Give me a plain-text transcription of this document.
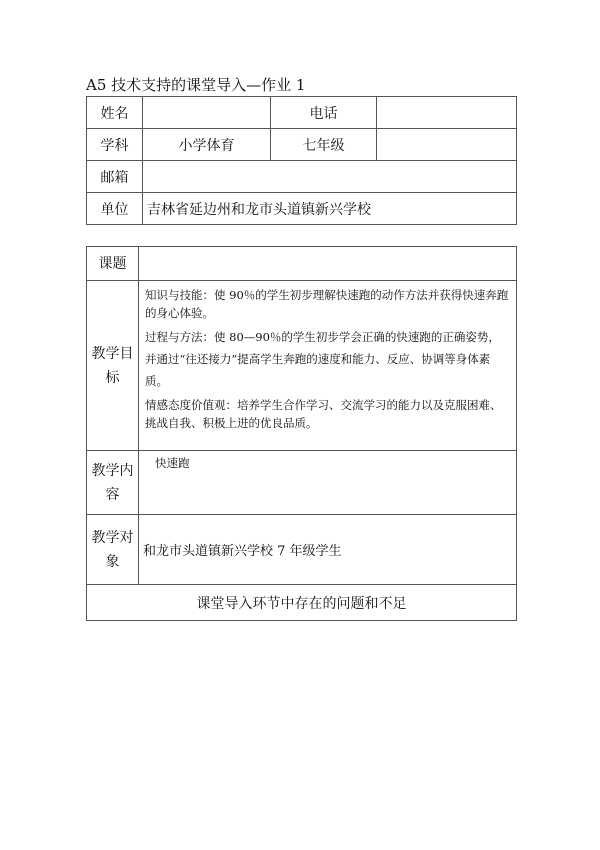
A5 技术支持的课堂导入—作业 1
姓名		电话	
学科	小学体育	七年级	
邮箱			
单位	吉林省延边州和龙市头道镇新兴学校		
课题	
教学目标	知识与技能：使 90％的学生初步理解快速跑的动作方法并获得快速奔跑的身心体验。

过程与方法：使 80—90％的学生初步学会正确的快速跑的正确姿势，并通过“往还接力”提高学生奔跑的速度和能力、反应、协调等身体素质。

情感态度价值观：培养学生合作学习、交流学习的能力以及克服困难、挑战自我、积极上进的优良品质。

教学内容	快速跑
教学对象	和龙市头道镇新兴学校 7 年级学生
课堂导入环节中存在的问题和不足	
